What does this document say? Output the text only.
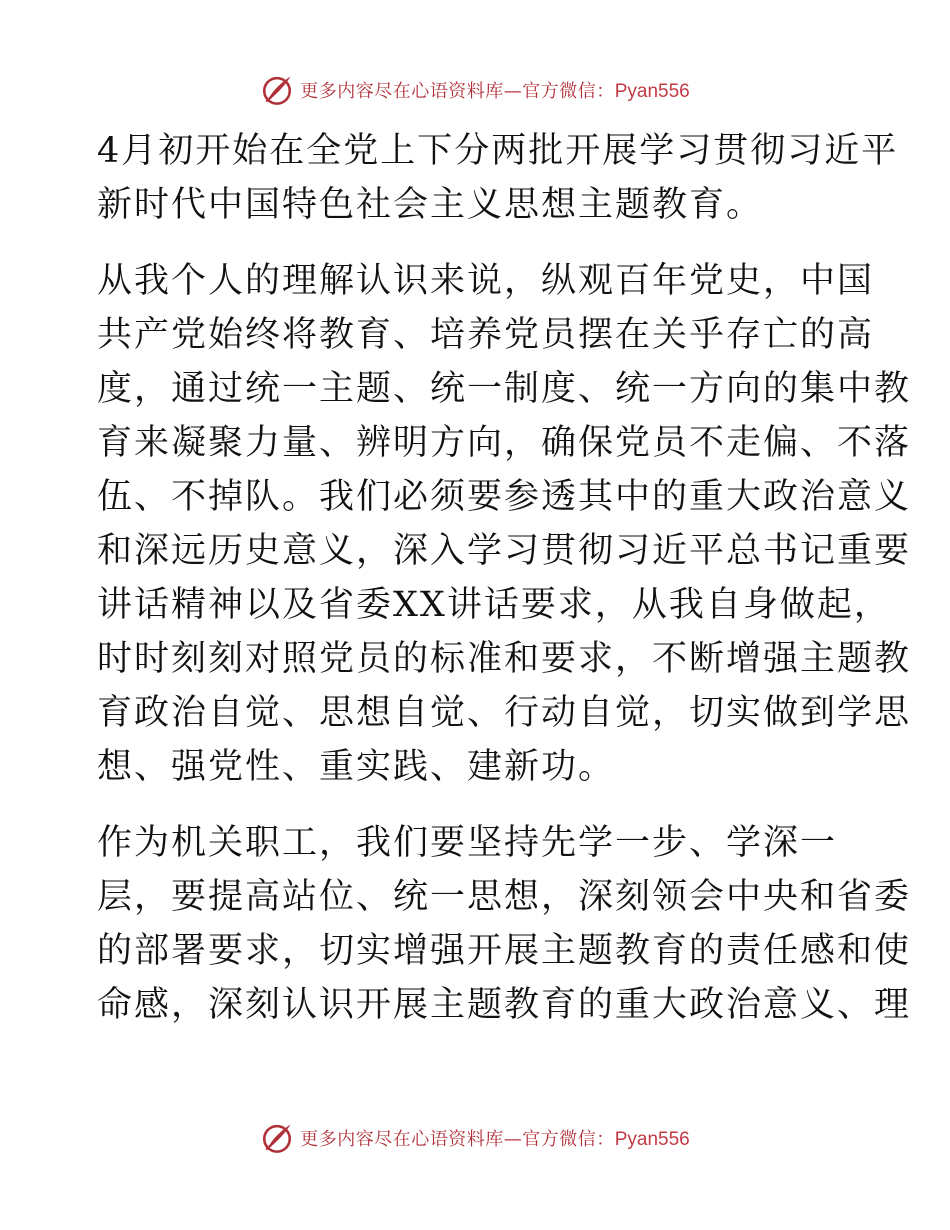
更多内容尽在心语资料库—官方微信：Pyan556

4月初开始在全党上下分两批开展学习贯彻习近平
新时代中国特色社会主义思想主题教育。

从我个人的理解认识来说，纵观百年党史，中国
共产党始终将教育、培养党员摆在关乎存亡的高
度，通过统一主题、统一制度、统一方向的集中教
育来凝聚力量、辨明方向，确保党员不走偏、不落
伍、不掉队。我们必须要参透其中的重大政治意义
和深远历史意义，深入学习贯彻习近平总书记重要
讲话精神以及省委XX讲话要求，从我自身做起，
时时刻刻对照党员的标准和要求，不断增强主题教
育政治自觉、思想自觉、行动自觉，切实做到学思
想、强党性、重实践、建新功。

作为机关职工，我们要坚持先学一步、学深一
层，要提高站位、统一思想，深刻领会中央和省委
的部署要求，切实增强开展主题教育的责任感和使
命感，深刻认识开展主题教育的重大政治意义、理

更多内容尽在心语资料库—官方微信：Pyan556
